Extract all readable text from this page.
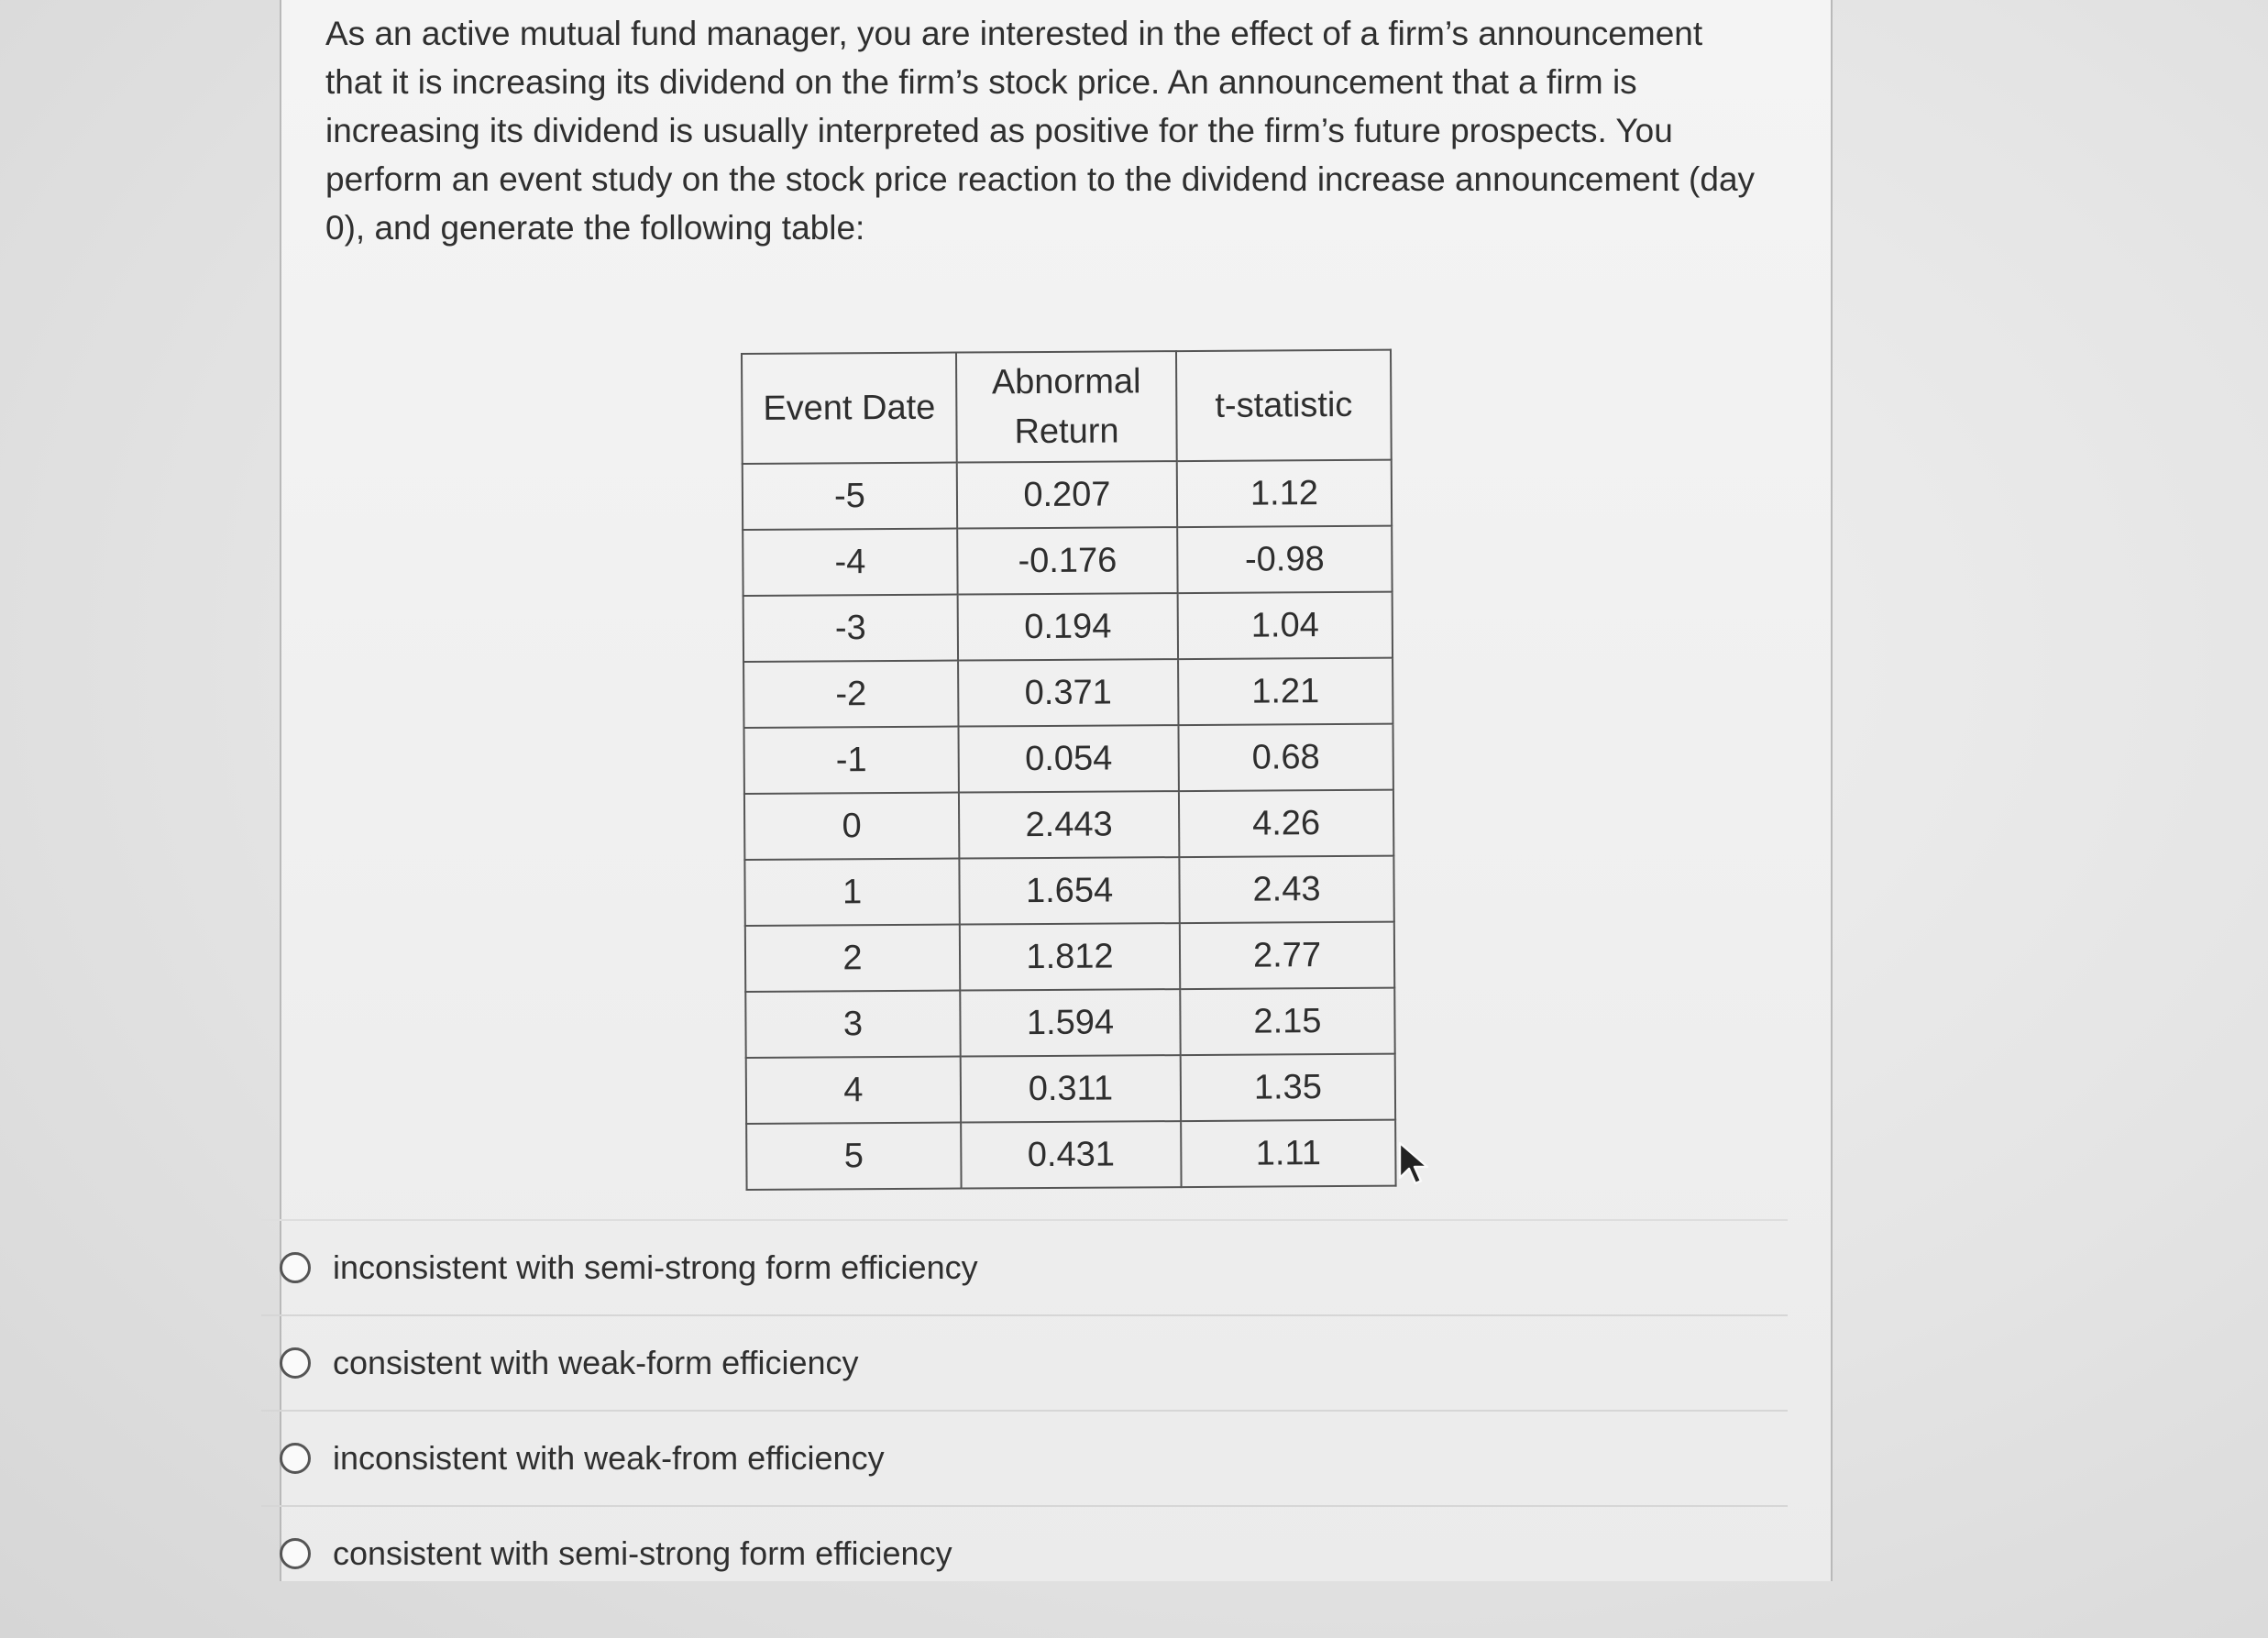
As an active mutual fund manager, you are interested in the effect of a firm’s announcement that it is increasing its dividend on the firm’s stock price. An announcement that a firm is increasing its dividend is usually interpreted as positive for the firm’s future prospects. You perform an event study on the stock price reaction to the dividend increase announcement (day 0), and generate the following table:

Event Date	Abnormal Return	t-statistic
-5	0.207	1.12
-4	-0.176	-0.98
-3	0.194	1.04
-2	0.371	1.21
-1	0.054	0.68
0	2.443	4.26
1	1.654	2.43
2	1.812	2.77
3	1.594	2.15
4	0.311	1.35
5	0.431	1.11
inconsistent with semi-strong form efficiency
consistent with weak-form efficiency
inconsistent with weak-from efficiency
consistent with semi-strong form efficiency
